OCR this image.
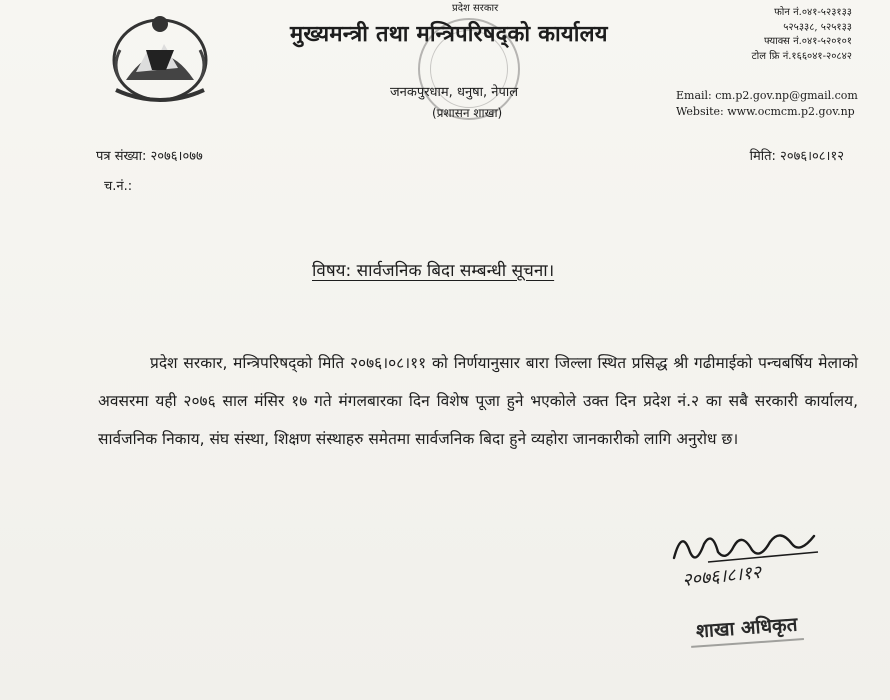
प्रदेश सरकार
मुख्यमन्त्री तथा मन्त्रिपरिषद्को कार्यालय
जनकपुरधाम, धनुषा, नेपाल
(प्रशासन शाखा)
फोन नं.०४१-५२३१३३
५२५३३८, ५२५१३३
फ्याक्स नं.०४१-५२०१०१
टोल फ्रि नं.१६६०४१-२०८४२
Email: cm.p2.gov.np@gmail.com
Website: www.ocmcm.p2.gov.np
पत्र संख्या: २०७६।०७७	मिति: २०७६।०८।१२
च.नं.:
विषय: सार्वजनिक बिदा सम्बन्धी सूचना।

प्रदेश सरकार, मन्त्रिपरिषद्को मिति २०७६।०८।११ को निर्णयानुसार बारा जिल्ला स्थित प्रसिद्ध श्री गढीमाईको पन्चबर्षिय मेलाको अवसरमा यही २०७६ साल मंसिर १७ गते मंगलबारका दिन विशेष पूजा हुने भएकोले उक्त दिन प्रदेश नं.२ का सबै सरकारी कार्यालय, सार्वजनिक निकाय, संघ संस्था, शिक्षण संस्थाहरु समेतमा सार्वजनिक बिदा हुने व्यहोरा जानकारीको लागि अनुरोध छ।

२०७६।८।१२
शाखा अधिकृत
